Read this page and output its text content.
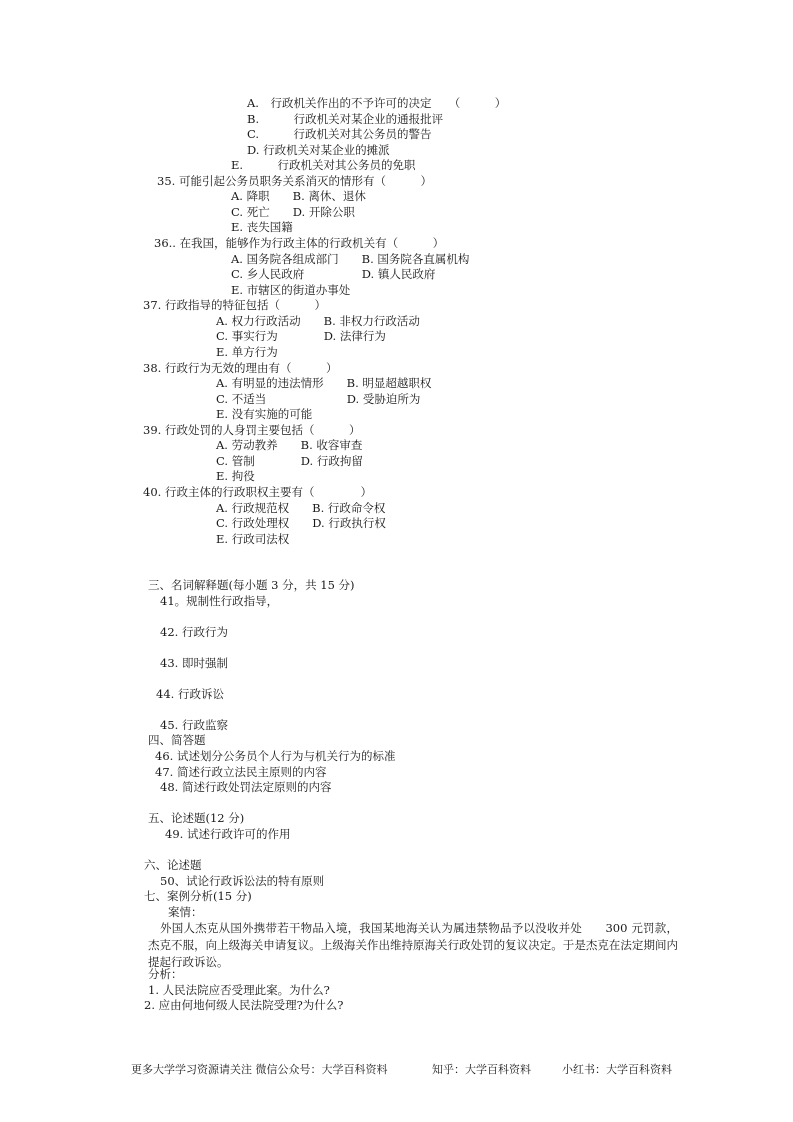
A.　行政机关作出的不予许可的决定　　（　　　）
B.　　　行政机关对某企业的通报批评
C.　　　行政机关对其公务员的警告
D. 行政机关对某企业的摊派
E.　　　行政机关对其公务员的免职
35. 可能引起公务员职务关系消灭的情形有（　　　）
A. 降职　　B. 离休、退休
C. 死亡　　D. 开除公职
E. 丧失国籍
36.. 在我国，能够作为行政主体的行政机关有（　　　）
A. 国务院各组成部门　　B. 国务院各直属机构
C. 乡人民政府　　　　　D. 镇人民政府
E. 市辖区的街道办事处
37. 行政指导的特征包括（　　　）
A. 权力行政活动　　B. 非权力行政活动
C. 事实行为　　　　D. 法律行为
E. 单方行为
38. 行政行为无效的理由有（　　　）
A. 有明显的违法情形　　B. 明显超越职权
C. 不适当　　　　　　　D. 受胁迫所为
E. 没有实施的可能
39. 行政处罚的人身罚主要包括（　　　）
A. 劳动教养　　B. 收容审查
C. 管制　　　　D. 行政拘留
E. 拘役
40. 行政主体的行政职权主要有（　　　　）
A. 行政规范权　　B. 行政命令权
C. 行政处理权　　D. 行政执行权
E. 行政司法权
三、名词解释题(每小题 3 分，共 15 分)
41。规制性行政指导，
42. 行政行为
43. 即时强制
44. 行政诉讼
45. 行政监察
四、简答题
46. 试述划分公务员个人行为与机关行为的标准
47. 简述行政立法民主原则的内容
48. 简述行政处罚法定原则的内容
五、论述题(12 分)
49. 试述行政许可的作用
六、论述题
50、试论行政诉讼法的特有原则
七、案例分析(15 分)
案情：
外国人杰克从国外携带若干物品入境，我国某地海关认为属违禁物品予以没收并处　　300 元罚款，杰克不服，向上级海关申请复议。上级海关作出维持原海关行政处罚的复议决定。于是杰克在法定期间内提起行政诉讼。
分析：
1. 人民法院应否受理此案。为什么?
2. 应由何地何级人民法院受理?为什么?
更多大学学习资源请关注 微信公众号：大学百科资料	知乎：大学百科资料	小红书：大学百科资料
